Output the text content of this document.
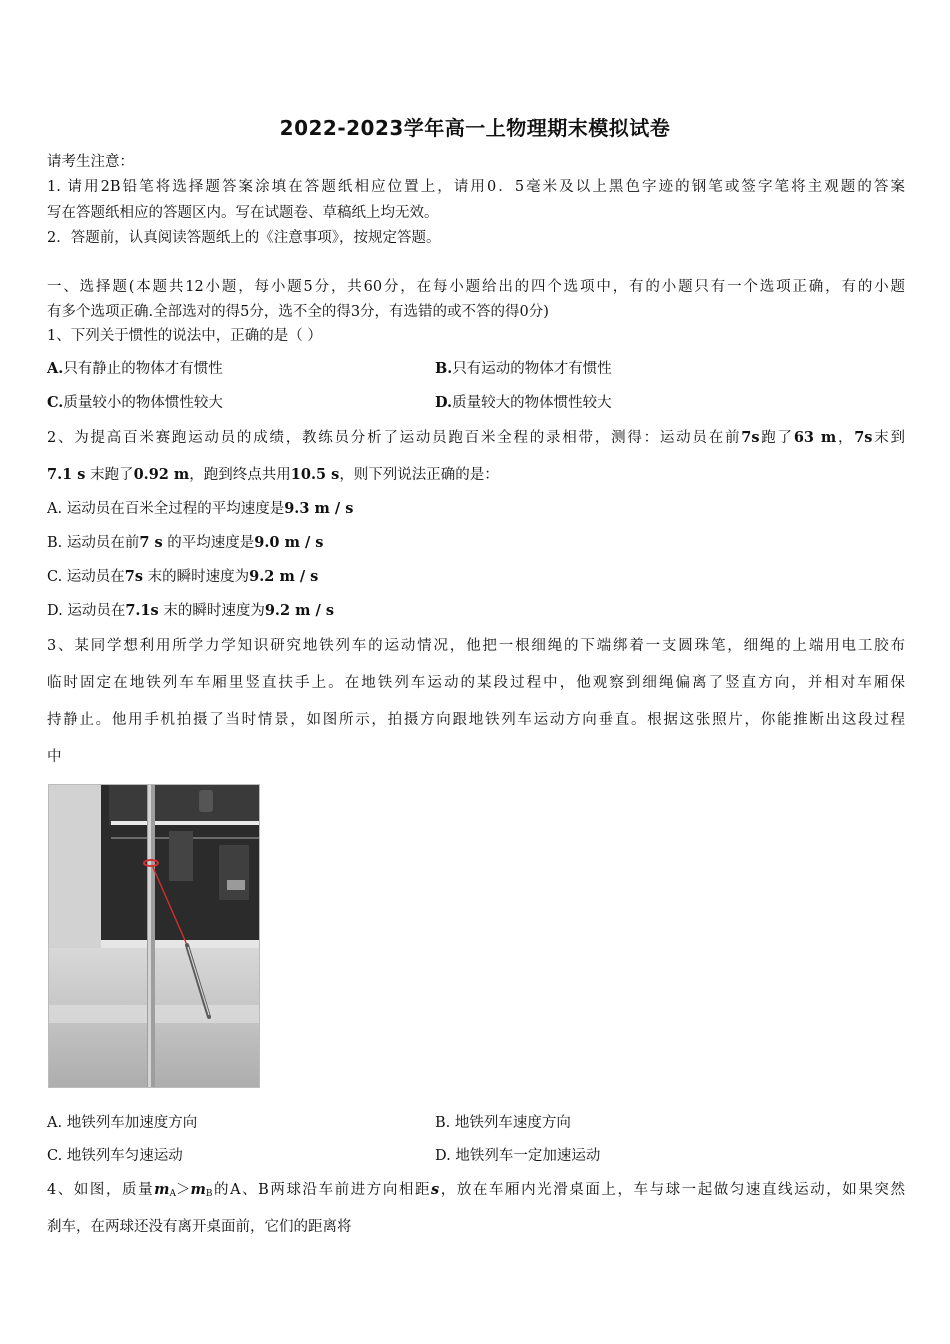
2022-2023学年高一上物理期末模拟试卷
请考生注意：
1. 请用2B铅笔将选择题答案涂填在答题纸相应位置上，请用0．5毫米及以上黑色字迹的钢笔或签字笔将主观题的答案
写在答题纸相应的答题区内。写在试题卷、草稿纸上均无效。
2．答题前，认真阅读答题纸上的《注意事项》，按规定答题。
一、选择题(本题共12小题，每小题5分，共60分，在每小题给出的四个选项中，有的小题只有一个选项正确，有的小题
有多个选项正确.全部选对的得5分，选不全的得3分，有选错的或不答的得0分)
1、下列关于惯性的说法中，正确的是（ ）
A.只有静止的物体才有惯性	B.只有运动的物体才有惯性
C.质量较小的物体惯性较大	D.质量较大的物体惯性较大
2、为提高百米赛跑运动员的成绩，教练员分析了运动员跑百米全程的录相带，测得：运动员在前7s跑了63 m，7s末到
7.1 s 末跑了0.92 m，跑到终点共用10.5 s，则下列说法正确的是：
A. 运动员在百米全过程的平均速度是9.3 m / s
B. 运动员在前7 s 的平均速度是9.0 m / s
C. 运动员在7s 末的瞬时速度为9.2 m / s
D. 运动员在7.1s 末的瞬时速度为9.2 m / s
3、某同学想利用所学力学知识研究地铁列车的运动情况，他把一根细绳的下端绑着一支圆珠笔，细绳的上端用电工胶布
临时固定在地铁列车车厢里竖直扶手上。在地铁列车运动的某段过程中，他观察到细绳偏离了竖直方向，并相对车厢保
持静止。他用手机拍摄了当时情景，如图所示，拍摄方向跟地铁列车运动方向垂直。根据这张照片，你能推断出这段过程
中
A. 地铁列车加速度方向	B. 地铁列车速度方向
C. 地铁列车匀速运动	D. 地铁列车一定加速运动
4、如图，质量$m_A>m_B$的A、B两球沿车前进方向相距s，放在车厢内光滑桌面上，车与球一起做匀速直线运动，如果突然
刹车，在两球还没有离开桌面前，它们的距离将
